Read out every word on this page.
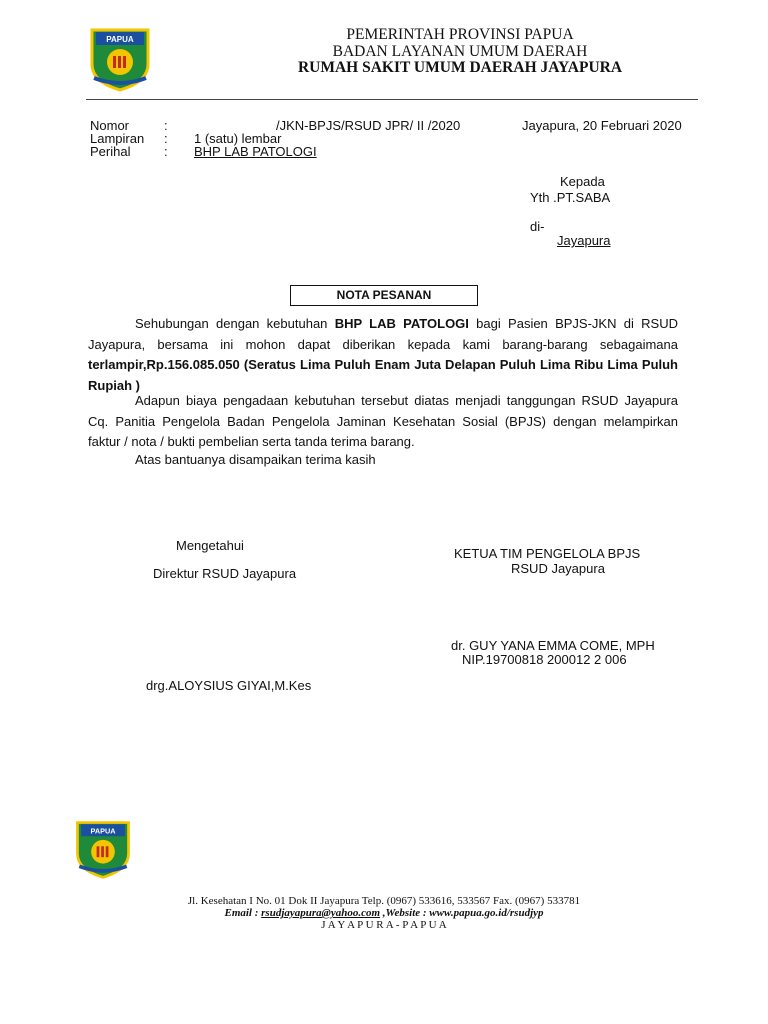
PAPUA	PEMERINTAH PROVINSI PAPUA
BADAN LAYANAN UMUM DAERAH
RUMAH SAKIT UMUM DAERAH JAYAPURA
Nomor	:	/JKN-BPJS/RSUD JPR/ II /2020	Jayapura, 20 Februari 2020
Lampiran : 1 (satu) lembar
Perihal	: BHP LAB PATOLOGI
Kepada
Yth .PT.SABA
di-
Jayapura
NOTA PESANAN
Sehubungan dengan kebutuhan BHP LAB PATOLOGI bagi Pasien BPJS-JKN di RSUD Jayapura, bersama ini mohon dapat diberikan kepada kami barang-barang sebagaimana terlampir,Rp.156.085.050 (Seratus Lima Puluh Enam Juta Delapan Puluh Lima Ribu Lima Puluh Rupiah )
Adapun biaya pengadaan kebutuhan tersebut diatas menjadi tanggungan RSUD Jayapura Cq. Panitia Pengelola Badan Pengelola Jaminan Kesehatan Sosial (BPJS) dengan melampirkan faktur / nota / bukti pembelian serta tanda terima barang.
Atas bantuanya disampaikan terima kasih
Mengetahui
Direktur RSUD Jayapura
drg.ALOYSIUS GIYAI,M.Kes
KETUA TIM PENGELOLA BPJS
RSUD Jayapura
dr. GUY YANA EMMA COME, MPH
NIP.19700818 200012 2 006
PAPUA
Jl. Kesehatan I No. 01 Dok II Jayapura Telp. (0967) 533616, 533567 Fax. (0967) 533781
Email : rsudjayapura@yahoo.com ,Website : www.papua.go.id/rsudjyp
J A Y A P U R A - P A P U A
